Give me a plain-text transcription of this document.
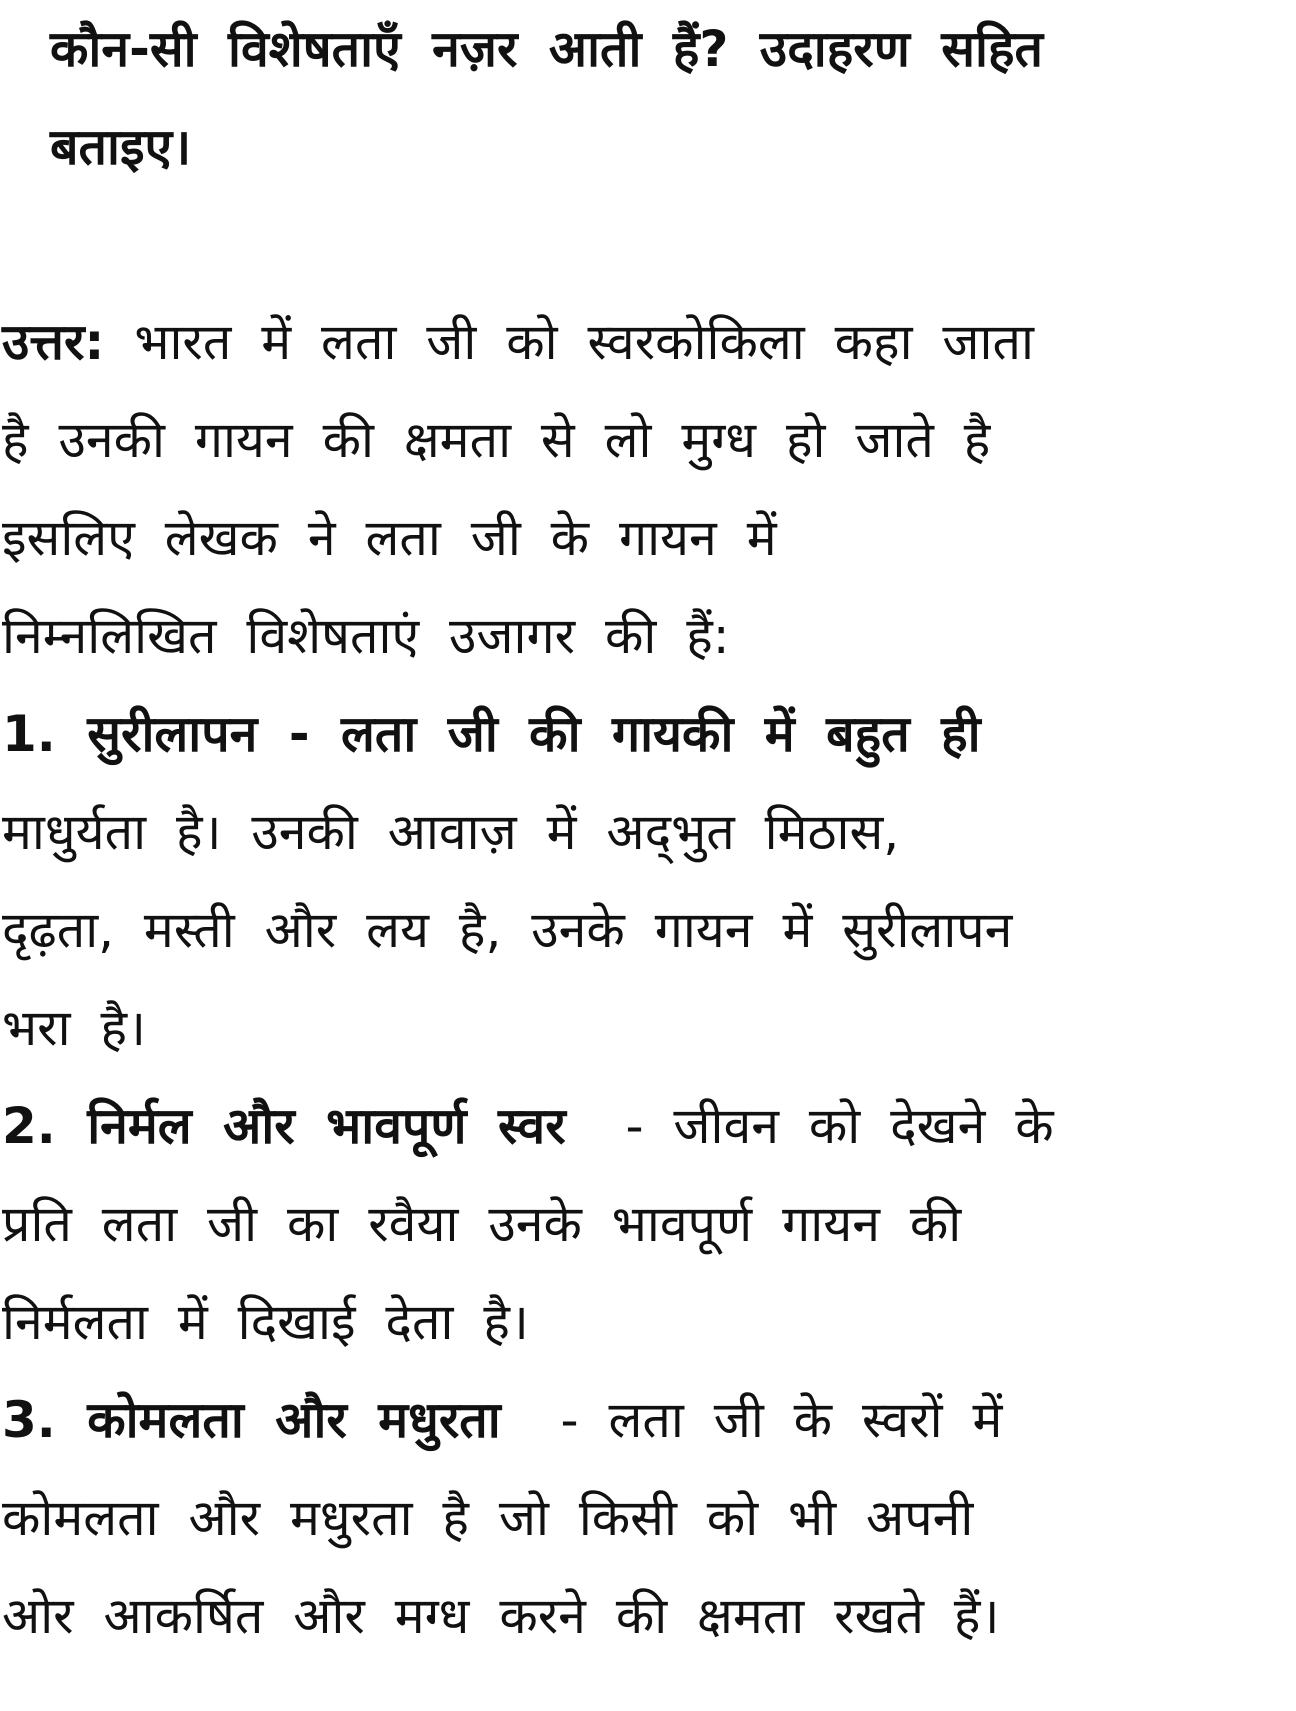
कौन-सी विशेषताएँ नज़र आती हैं? उदाहरण सहित
बताइए।

उत्तर: भारत में लता जी को स्वरकोकिला कहा जाता

है उनकी गायन की क्षमता से लो मुग्ध हो जाते है

इसलिए लेखक ने लता जी के गायन में

निम्नलिखित विशेषताएं उजागर की हैं:

1. सुरीलापन - लता जी की गायकी में बहुत ही

माधुर्यता है। उनकी आवाज़ में अद्‌भुत मिठास,

दृढ़ता, मस्ती और लय है, उनके गायन में सुरीलापन

भरा है।

2. निर्मल और भावपूर्ण स्वर  - जीवन को देखने के

प्रति लता जी का रवैया उनके भावपूर्ण गायन की

निर्मलता में दिखाई देता है।

3. कोमलता और मधुरता  - लता जी के स्वरों में

कोमलता और मधुरता है जो किसी को भी अपनी

ओर आकर्षित और मग्ध करने की क्षमता रखते हैं।
